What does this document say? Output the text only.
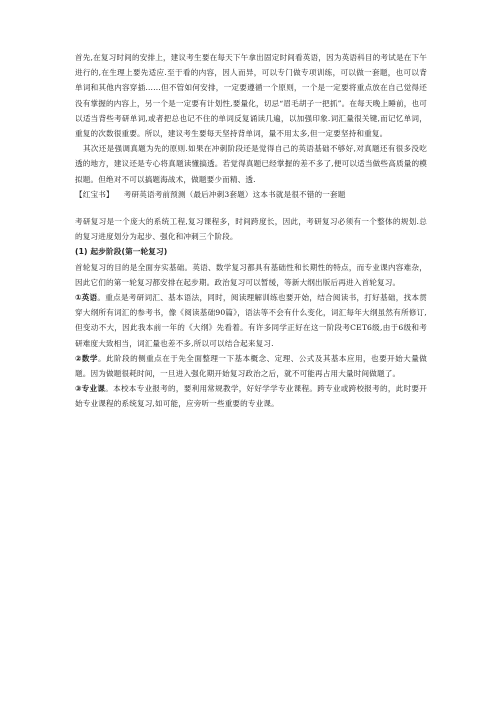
首先,在复习时间的安排上，建议考生要在每天下午拿出固定时间看英语，因为英语科目的考试是在下午进行的,在生理上要先适应.至于看的内容，因人而异，可以专门做专项训练，可以做一套题，也可以背单词和其他内容穿插……但不管如何安排，一定要遵循一个原则，一个是一定要将重点放在自己觉得还没有掌握的内容上，另一个是一定要有计划性,要量化，切忌“眉毛胡子一把抓”。在每天晚上睡前，也可以适当背些考研单词,或者把总也记不住的单词反复诵读几遍，以加强印象.词汇量很关键,而记忆单词，重复的次数很重要。所以，建议考生要每天坚持背单词，量不用太多,但一定要坚持和重复。

其次还是强调真题为先的原则.如果在冲刺阶段还是觉得自己的英语基础不够好,对真题还有很多没吃透的地方，建议还是专心将真题读懂搞透。若觉得真题已经掌握的差不多了,便可以适当做些高质量的模拟题。但绝对不可以搞题海战术，做题要少而精、透.

【红宝书】 考研英语考前预测（最后冲刺3套题）这本书就是很不错的一套题

考研复习是一个庞大的系统工程,复习课程多，时间跨度长，因此，考研复习必须有一个整体的规划.总的复习进度划分为起步、强化和冲刺三个阶段。

(1) 起步阶段(第一轮复习)

首轮复习的目的是全面夯实基础。英语、数学复习都具有基础性和长期性的特点，而专业课内容难杂，因此它们的第一轮复习都安排在起步期。政治复习可以暂缓，等新大纲出版后再进入首轮复习。

①英语。重点是考研词汇、基本语法，同时，阅读理解训练也要开始，结合阅读书，打好基础，找本贯穿大纲所有词汇的参考书，像《阅读基础90篇》，语法等不会有什么变化，词汇每年大纲虽然有所修订,但变动不大，因此我本前一年的《大纲》先看着。有许多同学正好在这一阶段考CET6级,由于6级和考研难度大致相当，词汇量也差不多,所以可以结合起来复习.

②数学。此阶段的侧重点在于先全面整理一下基本概念、定理、公式及其基本应用，也要开始大量做题。因为做题很耗时间，一旦进入强化期开始复习政治之后，就不可能再占用大量时间做题了。

③专业课。本校本专业报考的，要利用常规教学，好好学学专业课程。跨专业或跨校报考的，此时要开始专业课程的系统复习,如可能，应旁听一些重要的专业课。
